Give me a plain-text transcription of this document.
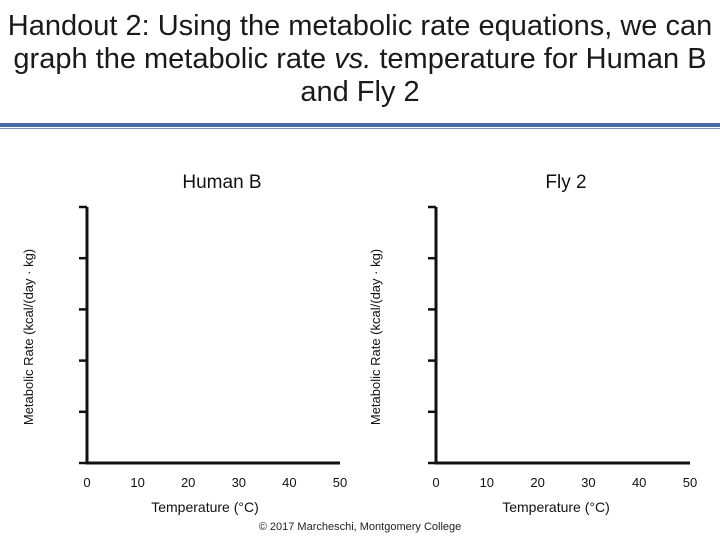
Handout 2: Using the metabolic rate equations, we can
graph the metabolic rate vs. temperature for Human B
and Fly 2
Human B
Metabolic Rate (kcal/(day · kg)
0	10	20	30	40	50
Temperature (°C)
Fly 2
Metabolic Rate (kcal/(day · kg)
0	10	20	30	40	50
Temperature (°C)
© 2017 Marcheschi, Montgomery College
